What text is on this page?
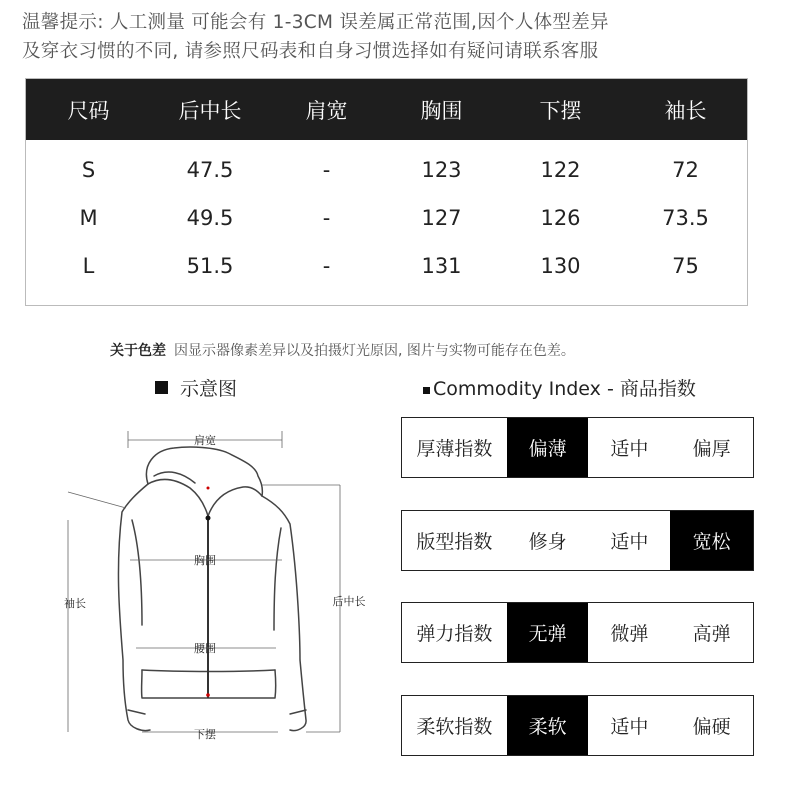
温馨提示: 人工测量 可能会有 1-3CM 误差属正常范围,因个人体型差异
及穿衣习惯的不同, 请参照尺码表和自身习惯选择如有疑问请联系客服
尺码	后中长	肩宽	胸围	下摆	袖长
S	47.5	-	123	122	72
M	49.5	-	127	126	73.5
L	51.5	-	131	130	75
关于色差 因显示器像素差异以及拍摄灯光原因, 图片与实物可能存在色差。
示意图	Commodity Index - 商品指数
肩宽
胸围
腰围
下摆
袖长	后中长
厚薄指数	偏薄	适中	偏厚
版型指数	修身	适中	宽松
弹力指数	无弹	微弹	高弹
柔软指数	柔软	适中	偏硬
